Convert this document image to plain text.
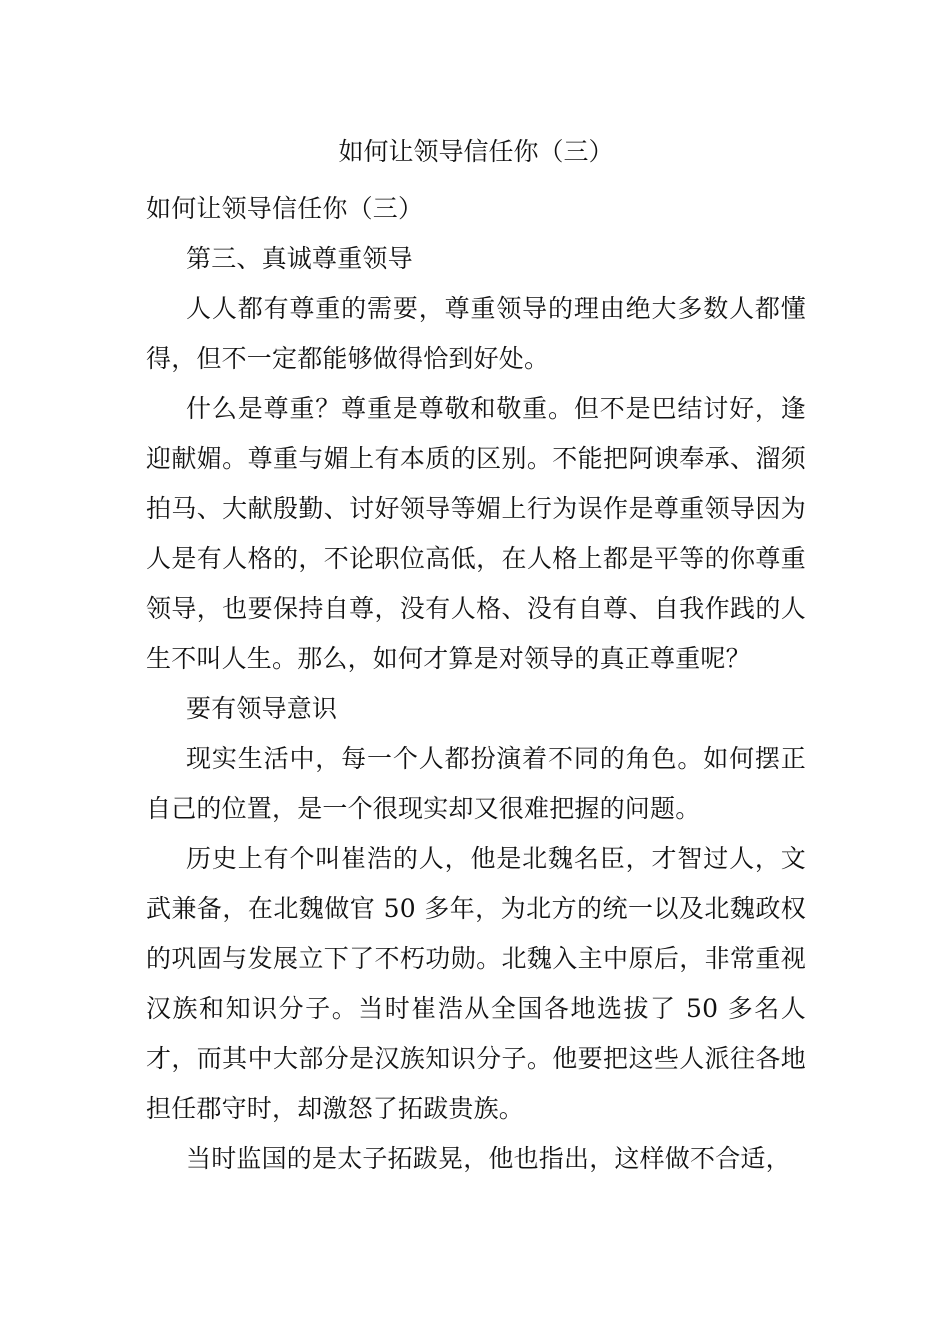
如何让领导信任你（三）

如何让领导信任你（三）

第三、真诚尊重领导

人人都有尊重的需要，尊重领导的理由绝大多数人都懂得，但不一定都能够做得恰到好处。

什么是尊重？尊重是尊敬和敬重。但不是巴结讨好，逢迎献媚。尊重与媚上有本质的区别。不能把阿谀奉承、溜须拍马、大献殷勤、讨好领导等媚上行为误作是尊重领导因为人是有人格的，不论职位高低，在人格上都是平等的你尊重领导，也要保持自尊，没有人格、没有自尊、自我作践的人生不叫人生。那么，如何才算是对领导的真正尊重呢？

要有领导意识

现实生活中，每一个人都扮演着不同的角色。如何摆正自己的位置，是一个很现实却又很难把握的问题。

历史上有个叫崔浩的人，他是北魏名臣，才智过人，文武兼备，在北魏做官 50 多年，为北方的统一以及北魏政权的巩固与发展立下了不朽功勋。北魏入主中原后，非常重视汉族和知识分子。当时崔浩从全国各地选拔了 50 多名人才，而其中大部分是汉族知识分子。他要把这些人派往各地担任郡守时，却激怒了拓跋贵族。

当时监国的是太子拓跋晃，他也指出，这样做不合适，
